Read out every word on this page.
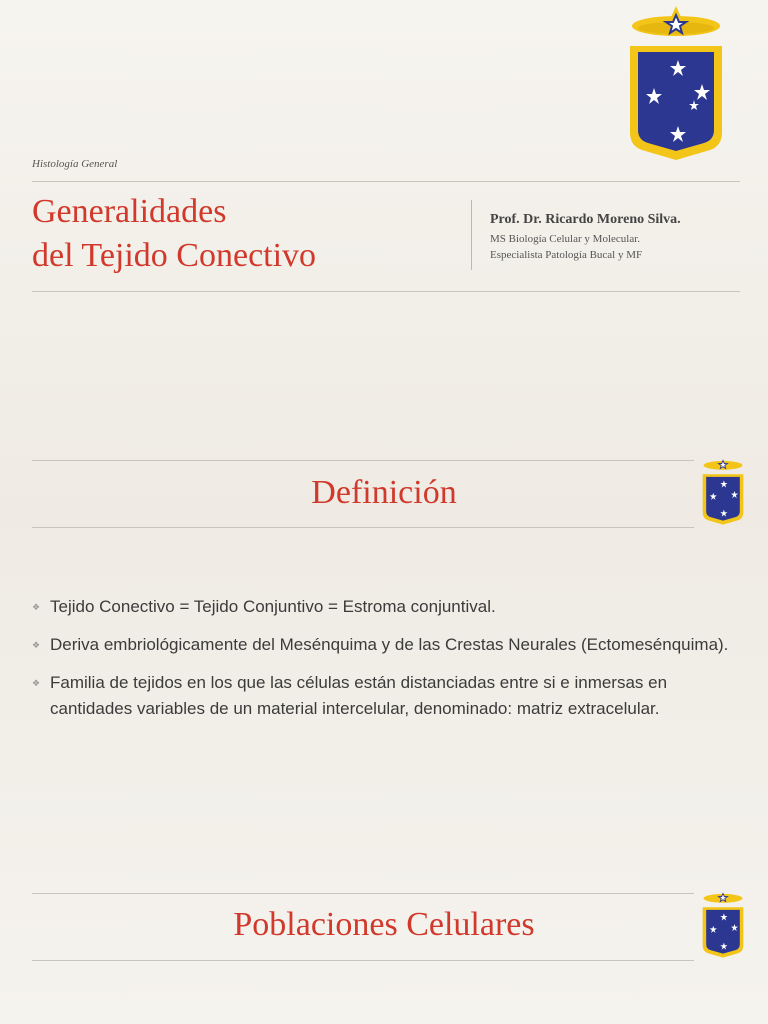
Histología General
Generalidades
del Tejido Conectivo
Prof. Dr. Ricardo Moreno Silva.
MS Biología Celular y Molecular.
Especialista Patología Bucal y MF
Definición
❖ Tejido Conectivo = Tejido Conjuntivo = Estroma conjuntival.
❖ Deriva embriológicamente del Mesénquima y de las Crestas Neurales (Ectomesénquima).
❖ Familia de tejidos en los que las células están distanciadas entre si e inmersas en cantidades variables de un material intercelular, denominado: matriz extracelular.
Poblaciones Celulares
